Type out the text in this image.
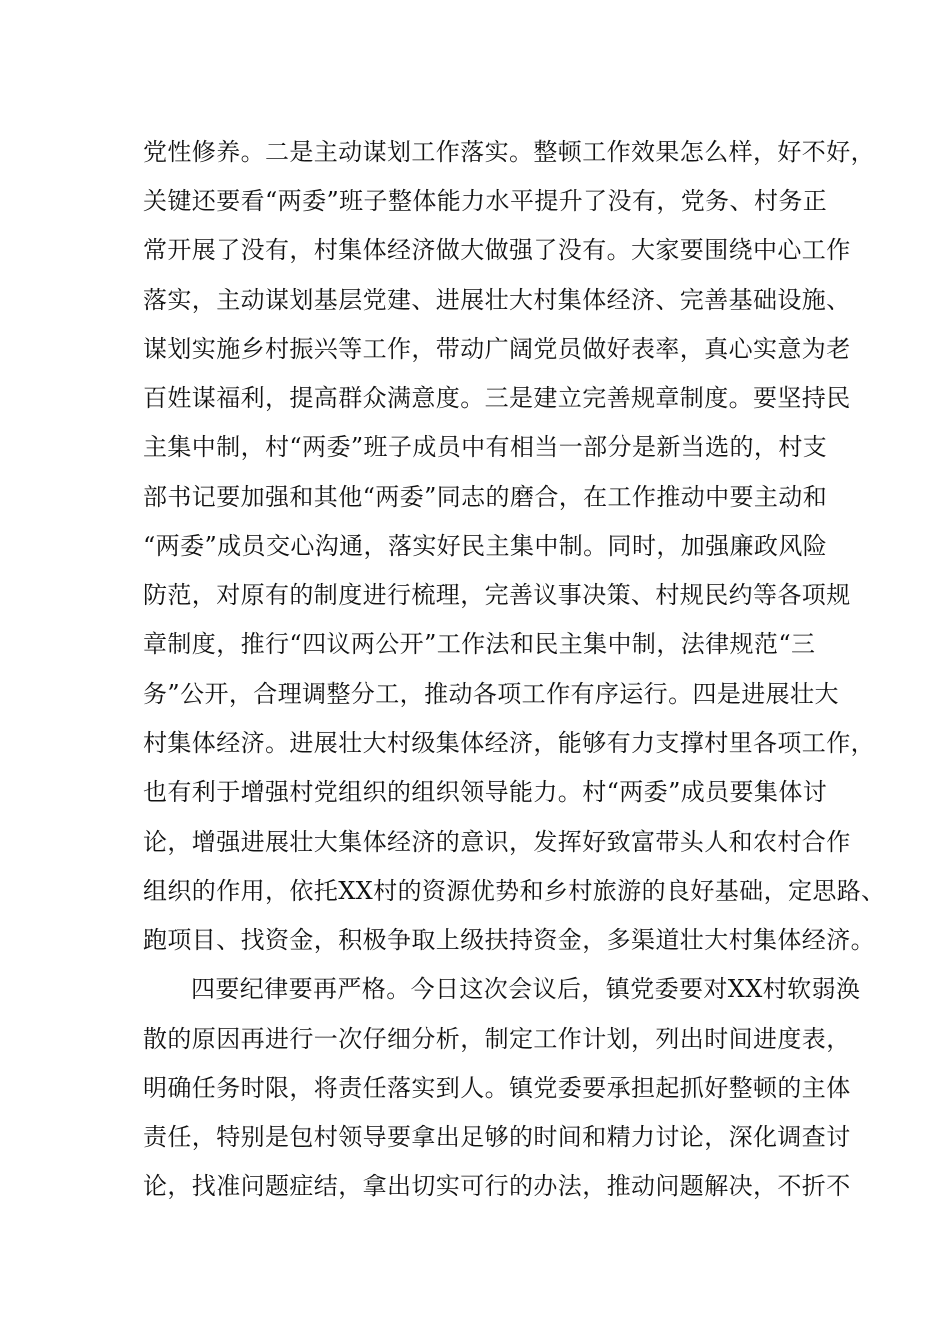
党性修养。二是主动谋划工作落实。整顿工作效果怎么样，好不好，
关键还要看“两委”班子整体能力水平提升了没有，党务、村务正
常开展了没有，村集体经济做大做强了没有。大家要围绕中心工作
落实，主动谋划基层党建、进展壮大村集体经济、完善基础设施、
谋划实施乡村振兴等工作，带动广阔党员做好表率，真心实意为老
百姓谋福利，提高群众满意度。三是建立完善规章制度。要坚持民
主集中制，村“两委”班子成员中有相当一部分是新当选的，村支
部书记要加强和其他“两委”同志的磨合，在工作推动中要主动和
“两委”成员交心沟通，落实好民主集中制。同时，加强廉政风险
防范，对原有的制度进行梳理，完善议事决策、村规民约等各项规
章制度，推行“四议两公开”工作法和民主集中制，法律规范“三
务”公开，合理调整分工，推动各项工作有序运行。四是进展壮大
村集体经济。进展壮大村级集体经济，能够有力支撑村里各项工作，
也有利于增强村党组织的组织领导能力。村“两委”成员要集体讨
论，增强进展壮大集体经济的意识，发挥好致富带头人和农村合作
组织的作用，依托XX村的资源优势和乡村旅游的良好基础，定思路、
跑项目、找资金，积极争取上级扶持资金，多渠道壮大村集体经济。
四要纪律要再严格。今日这次会议后，镇党委要对XX村软弱涣
散的原因再进行一次仔细分析，制定工作计划，列出时间进度表，
明确任务时限，将责任落实到人。镇党委要承担起抓好整顿的主体
责任，特别是包村领导要拿出足够的时间和精力讨论，深化调查讨
论，找准问题症结，拿出切实可行的办法，推动问题解决，不折不
